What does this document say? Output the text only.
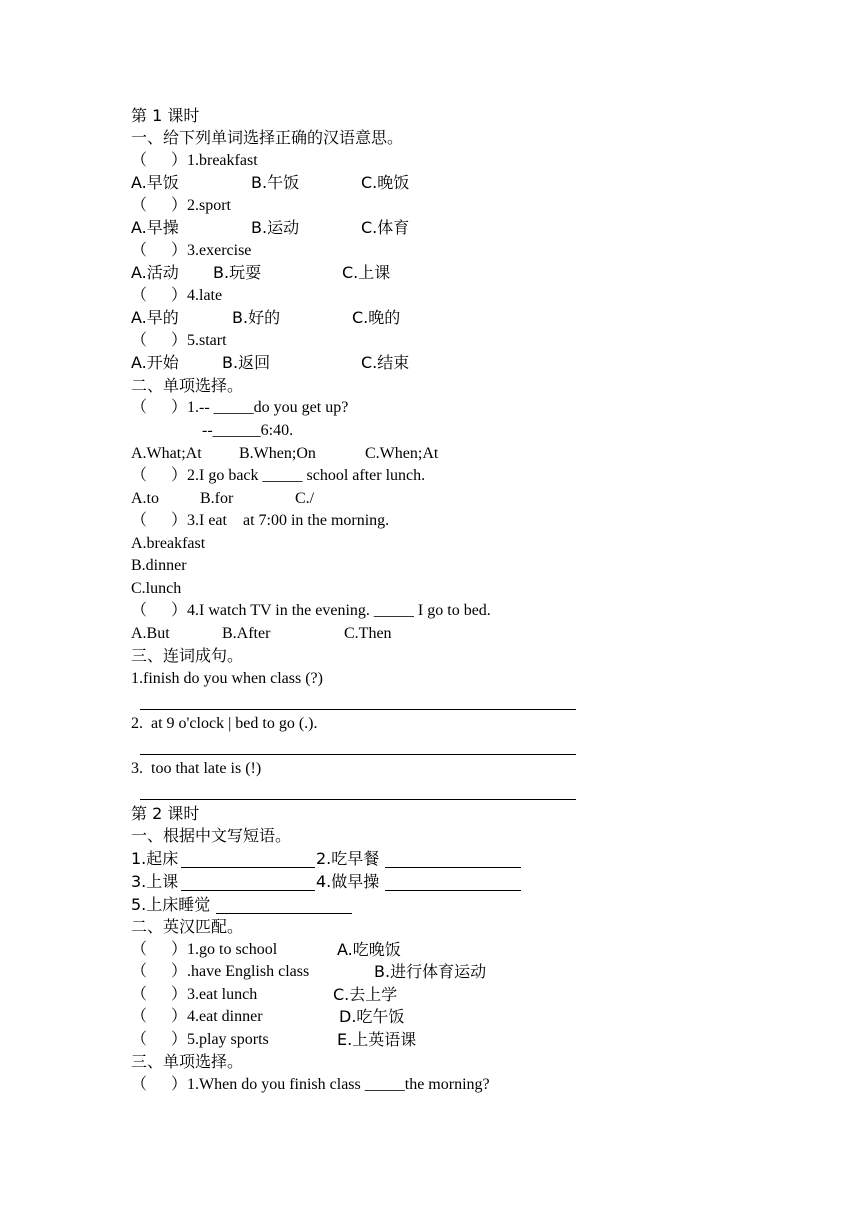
第 1 课时
一、给下列单词选择正确的汉语意思。
（      ）1.breakfast
A.早饭	B.午饭	C.晚饭
（      ）2.sport
A.早操	B.运动	C.体育
（      ）3.exercise
A.活动 B.玩耍	C.上课
（      ）4.late
A.早的	B.好的	C.晚的
（      ）5.start
A.开始	B.返回	C.结束
二、单项选择。
（      ）1.-- _____do you get up?
--______6:40.
A.What;At B.When;On	C.When;At
（      ）2.I go back _____ school after lunch.
A.to	B.for	C./
（      ）3.I eat    at 7:00 in the morning.
A.breakfast
B.dinner
C.lunch
（      ）4.I watch TV in the evening. _____ I go to bed.
A.But	B.After	C.Then
三、连词成句。
1.finish do you when class (?)
2.  at 9 o'clock | bed to go (.).
3.  too that late is (!)
第 2 课时
一、根据中文写短语。
1.起床	2.吃早餐
3.上课	4.做早操
5.上床睡觉
二、英汉匹配。
（      ）1.go to school	A.吃晚饭
（      ）.have English class	B.进行体育运动
（      ）3.eat lunch	C.去上学
（      ）4.eat dinner	D.吃午饭
（      ）5.play sports	E.上英语课
三、单项选择。
（      ）1.When do you finish class _____the morning?
